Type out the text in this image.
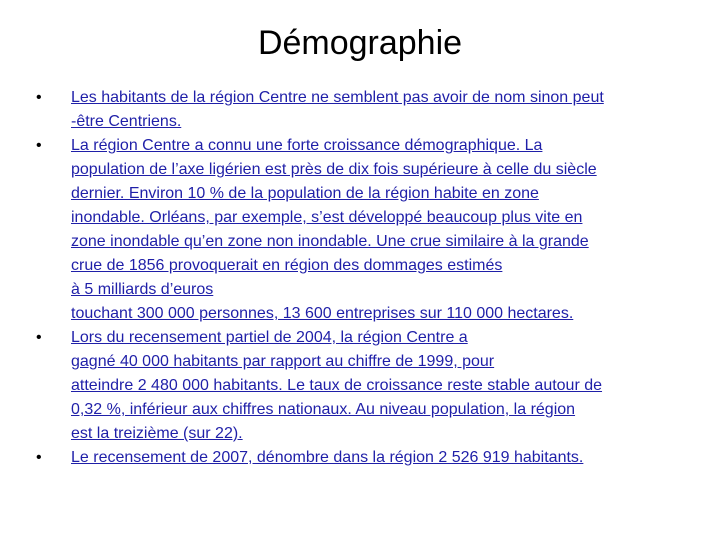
Démographie
•	Les habitants de la région Centre ne semblent pas avoir de nom sinon peut
-être Centriens.
•	La région Centre a connu une forte croissance démographique. La
population de l’axe ligérien est près de dix fois supérieure à celle du siècle
dernier. Environ 10 % de la population de la région habite en zone
inondable. Orléans, par exemple, s’est développé beaucoup plus vite en
zone inondable qu’en zone non inondable. Une crue similaire à la grande
crue de 1856 provoquerait en région des dommages estimés
à 5 milliards d’euros
touchant 300 000 personnes, 13 600 entreprises sur 110 000 hectares.
•	Lors du recensement partiel de 2004, la région Centre a
gagné 40 000 habitants par rapport au chiffre de 1999, pour
atteindre 2 480 000 habitants. Le taux de croissance reste stable autour de
0,32 %, inférieur aux chiffres nationaux. Au niveau population, la région
est la treizième (sur 22).
•	Le recensement de 2007, dénombre dans la région 2 526 919 habitants.
